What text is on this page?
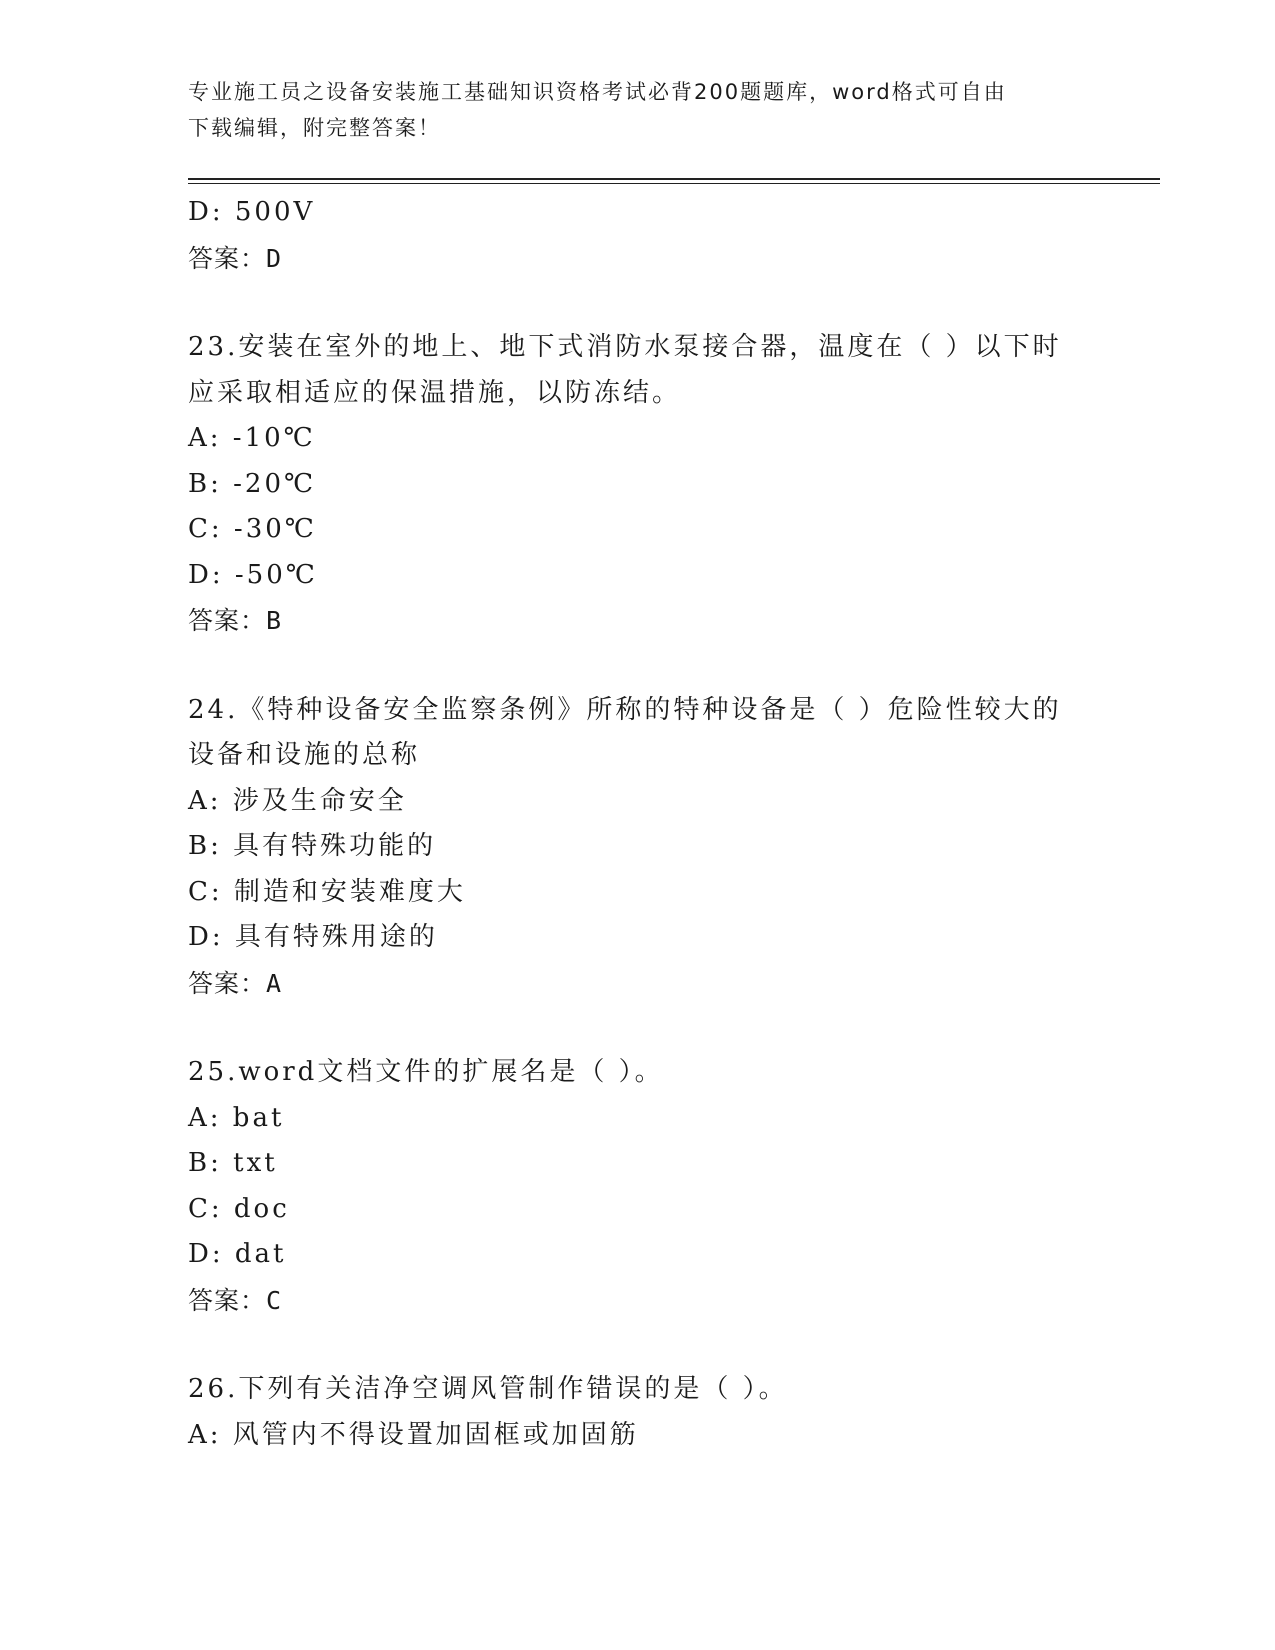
专业施工员之设备安装施工基础知识资格考试必背200题题库，word格式可自由
下载编辑，附完整答案！
D: 500V
答案：D
23.安装在室外的地上、地下式消防水泵接合器，温度在（ ）以下时
应采取相适应的保温措施，以防冻结。
A: -10℃
B: -20℃
C: -30℃
D: -50℃
答案：B
24.《特种设备安全监察条例》所称的特种设备是（ ）危险性较大的
设备和设施的总称
A: 涉及生命安全
B: 具有特殊功能的
C: 制造和安装难度大
D: 具有特殊用途的
答案：A
25.word文档文件的扩展名是（ ）。
A: bat
B: txt
C: doc
D: dat
答案：C
26.下列有关洁净空调风管制作错误的是（ ）。
A: 风管内不得设置加固框或加固筋
